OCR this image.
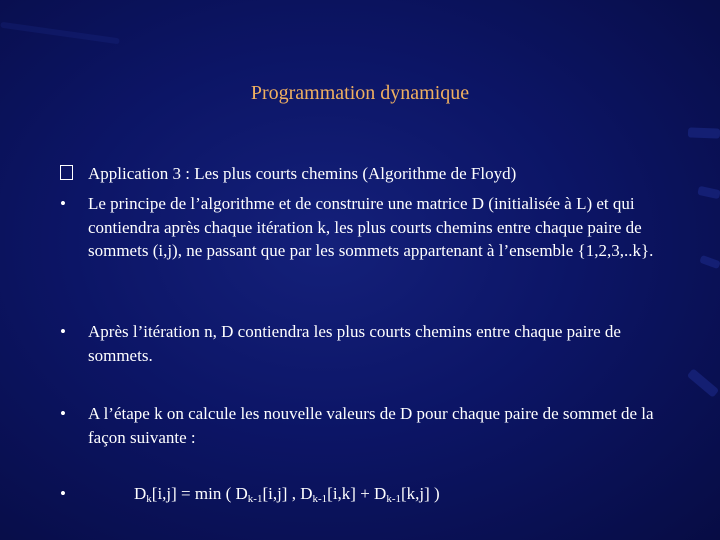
Programmation dynamique
Application 3 : Les plus courts chemins (Algorithme de Floyd)
• Le principe de l’algorithme et de construire une matrice D (initialisée à L) et qui contiendra après chaque itération k, les plus courts chemins entre chaque paire de sommets (i,j), ne passant que par les sommets appartenant à l’ensemble {1,2,3,..k}.
• Après l’itération n, D contiendra les plus courts chemins entre chaque paire de sommets.
• A l’étape k on calcule les nouvelle valeurs de D pour chaque paire de sommet de la façon suivante :
•	$D_k[i,j] = \min$ ( $D_{k-1}[i,j]$ , $D_{k-1}[i,k] + D_{k-1}[k,j]$ )
